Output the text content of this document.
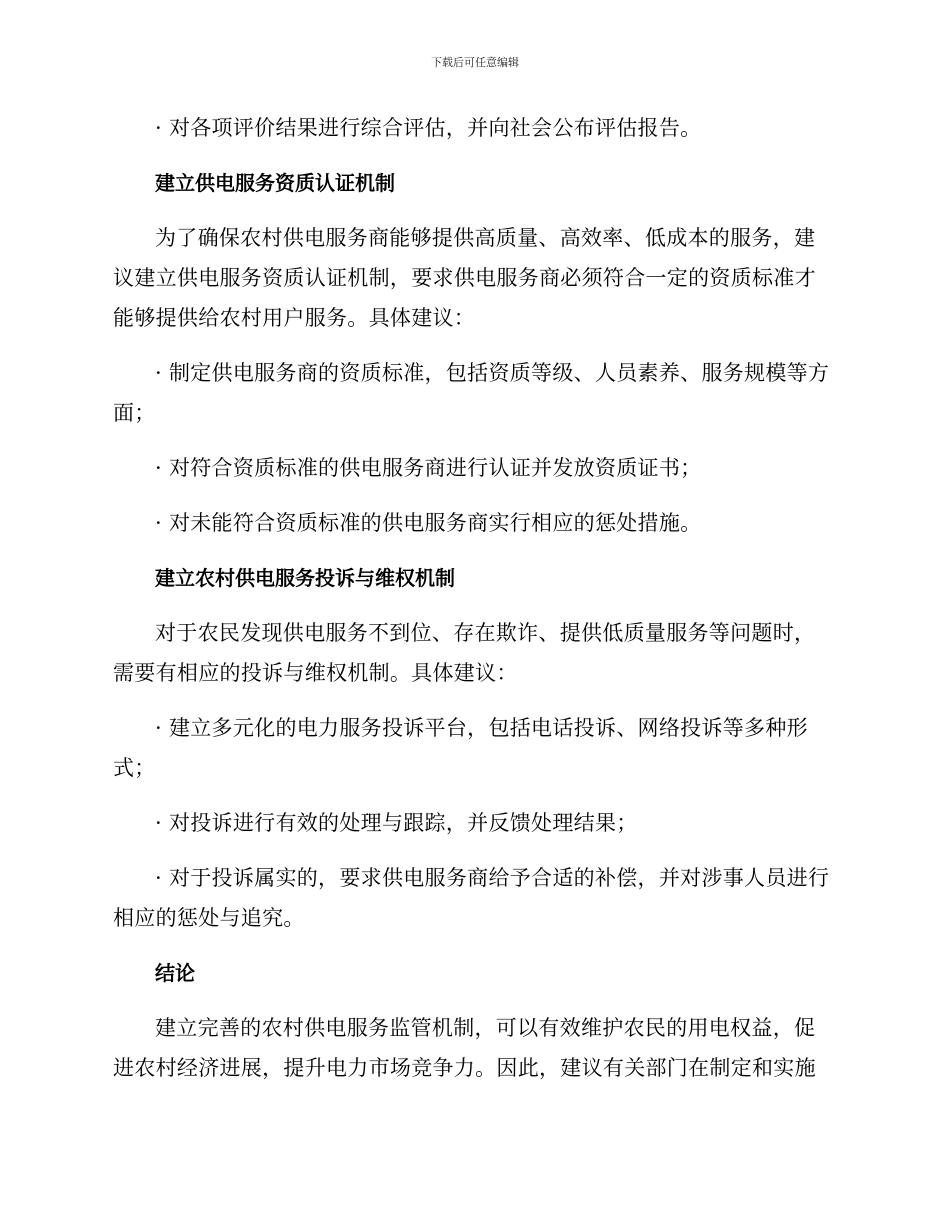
下载后可任意编辑

· 对各项评价结果进行综合评估，并向社会公布评估报告。

建立供电服务资质认证机制

为了确保农村供电服务商能够提供高质量、高效率、低成本的服务，建议建立供电服务资质认证机制，要求供电服务商必须符合一定的资质标准才能够提供给农村用户服务。具体建议：

· 制定供电服务商的资质标准，包括资质等级、人员素养、服务规模等方面；

· 对符合资质标准的供电服务商进行认证并发放资质证书；

· 对未能符合资质标准的供电服务商实行相应的惩处措施。

建立农村供电服务投诉与维权机制

对于农民发现供电服务不到位、存在欺诈、提供低质量服务等问题时，需要有相应的投诉与维权机制。具体建议：

· 建立多元化的电力服务投诉平台，包括电话投诉、网络投诉等多种形式；

· 对投诉进行有效的处理与跟踪，并反馈处理结果；

· 对于投诉属实的，要求供电服务商给予合适的补偿，并对涉事人员进行相应的惩处与追究。

结论

建立完善的农村供电服务监管机制，可以有效维护农民的用电权益，促进农村经济进展，提升电力市场竞争力。因此，建议有关部门在制定和实施
